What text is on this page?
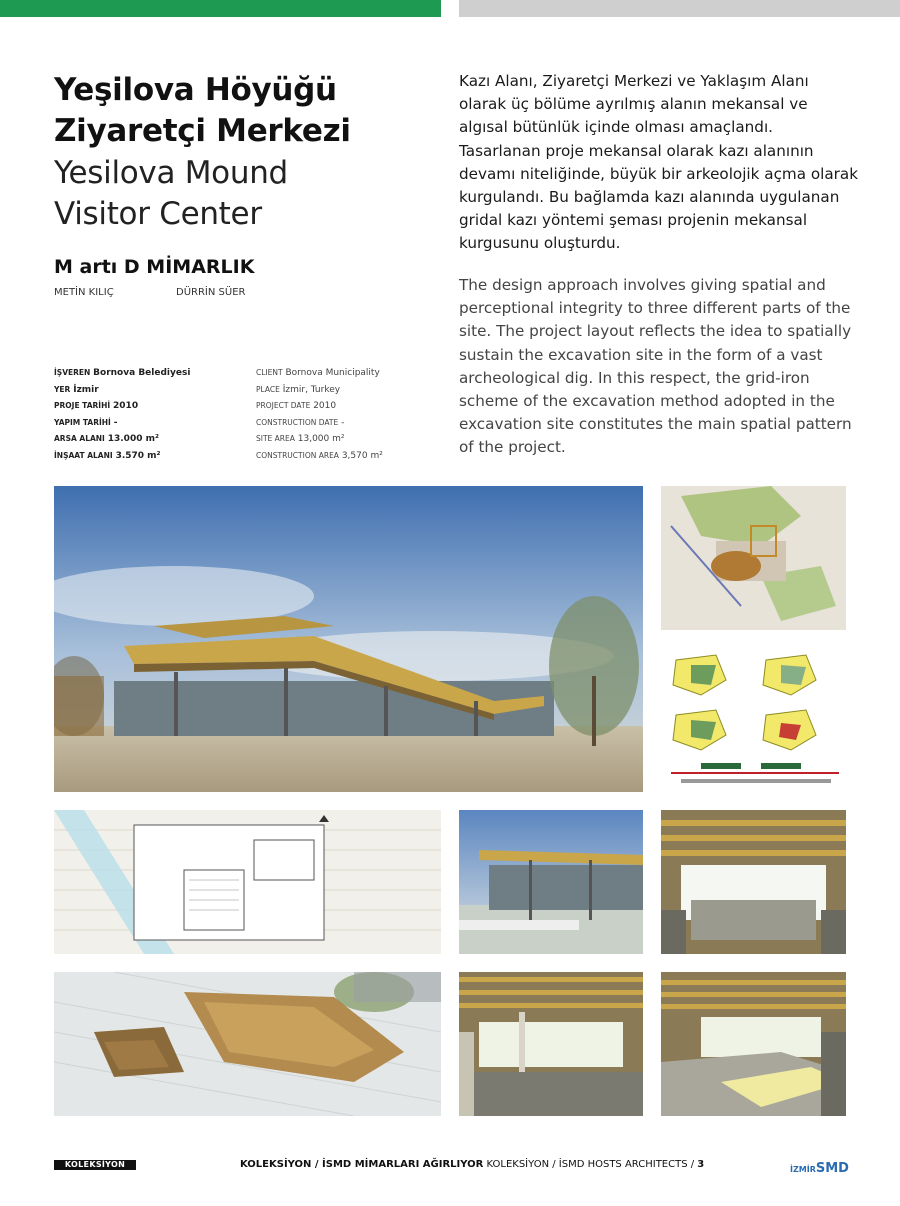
Yeşilova Höyüğü
Ziyaretçi Merkezi
Yesilova Mound
Visitor Center
M artı D MİMARLIK
METİN KILIÇ	DÜRRİN SÜER
İŞVEREN Bornova Belediyesi
YER İzmir
PROJE TARİHİ 2010
YAPIM TARİHİ -
ARSA ALANI 13.000 m²
İNŞAAT ALANI 3.570 m²
CLIENT Bornova Municipality
PLACE İzmir, Turkey
PROJECT DATE 2010
CONSTRUCTION DATE -
SITE AREA 13,000 m²
CONSTRUCTION AREA 3,570 m²
Kazı Alanı, Ziyaretçi Merkezi ve Yaklaşım Alanı olarak üç bölüme ayrılmış alanın mekansal ve algısal bütünlük içinde olması amaçlandı. Tasarlanan proje mekansal olarak kazı alanının devamı niteliğinde, büyük bir arkeolojik açma olarak kurgulandı. Bu bağlamda kazı alanında uygulanan gridal kazı yöntemi şeması projenin mekansal kurgusunu oluşturdu.
The design approach involves giving spatial and perceptional integrity to three different parts of the site. The project layout reflects the idea to spatially sustain the excavation site in the form of a vast archeological dig. In this respect, the grid-iron scheme of the excavation method adopted in the excavation site constitutes the main spatial pattern of the project.
KOLEKSİYON	KOLEKSİYON / İSMD MİMARLARI AĞIRLIYOR KOLEKSİYON / İSMD HOSTS ARCHITECTS / 3	İZMİRSMD
